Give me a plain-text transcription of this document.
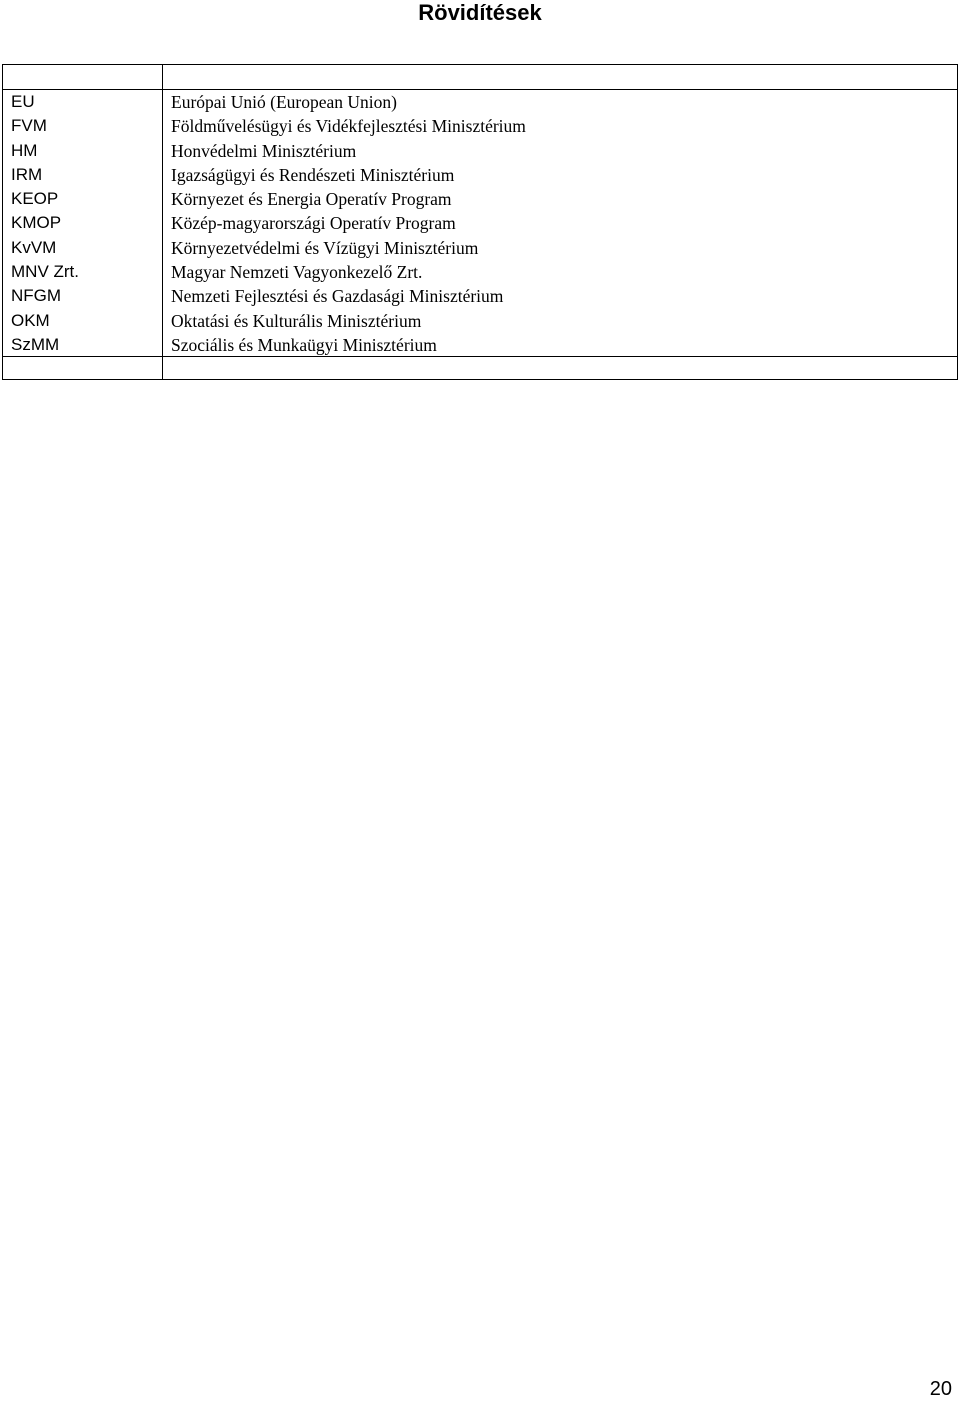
Rövidítések
EU
FVM
HM
IRM
KEOP
KMOP
KvVM
MNV Zrt.
NFGM
OKM
SzMM
Európai Unió (European Union)
Földművelésügyi és Vidékfejlesztési Minisztérium
Honvédelmi Minisztérium
Igazságügyi és Rendészeti Minisztérium
Környezet és Energia Operatív Program
Közép-magyarországi Operatív Program
Környezetvédelmi és Vízügyi Minisztérium
Magyar Nemzeti Vagyonkezelő Zrt.
Nemzeti Fejlesztési és Gazdasági Minisztérium
Oktatási és Kulturális Minisztérium
Szociális és Munkaügyi Minisztérium
20
